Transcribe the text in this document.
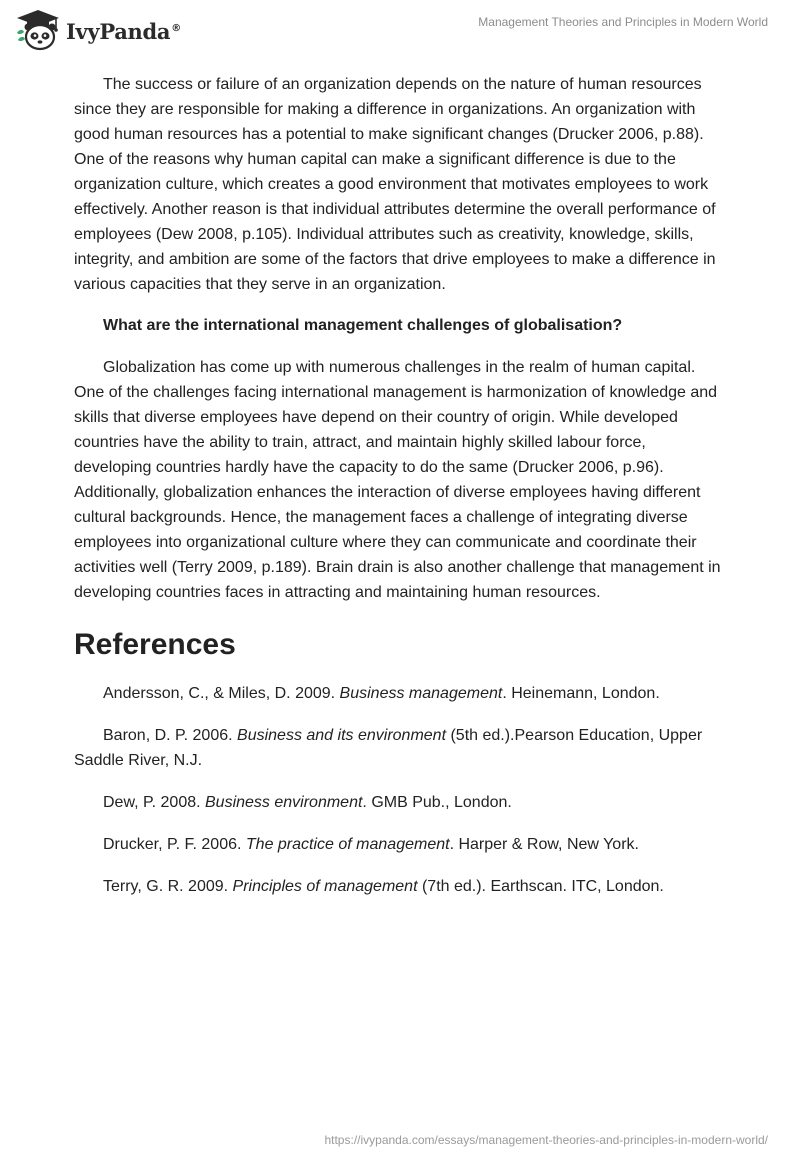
IvyPanda®	Management Theories and Principles in Modern World

The success or failure of an organization depends on the nature of human resources since they are responsible for making a difference in organizations. An organization with good human resources has a potential to make significant changes (Drucker 2006, p.88). One of the reasons why human capital can make a significant difference is due to the organization culture, which creates a good environment that motivates employees to work effectively. Another reason is that individual attributes determine the overall performance of employees (Dew 2008, p.105). Individual attributes such as creativity, knowledge, skills, integrity, and ambition are some of the factors that drive employees to make a difference in various capacities that they serve in an organization.

What are the international management challenges of globalisation?

Globalization has come up with numerous challenges in the realm of human capital. One of the challenges facing international management is harmonization of knowledge and skills that diverse employees have depend on their country of origin. While developed countries have the ability to train, attract, and maintain highly skilled labour force, developing countries hardly have the capacity to do the same (Drucker 2006, p.96). Additionally, globalization enhances the interaction of diverse employees having different cultural backgrounds. Hence, the management faces a challenge of integrating diverse employees into organizational culture where they can communicate and coordinate their activities well (Terry 2009, p.189). Brain drain is also another challenge that management in developing countries faces in attracting and maintaining human resources.

References

Andersson, C., & Miles, D. 2009. Business management. Heinemann, London.

Baron, D. P. 2006. Business and its environment (5th ed.).Pearson Education, Upper Saddle River, N.J.

Dew, P. 2008. Business environment. GMB Pub., London.

Drucker, P. F. 2006. The practice of management. Harper & Row, New York.

Terry, G. R. 2009. Principles of management (7th ed.). Earthscan. ITC, London.

https://ivypanda.com/essays/management-theories-and-principles-in-modern-world/
